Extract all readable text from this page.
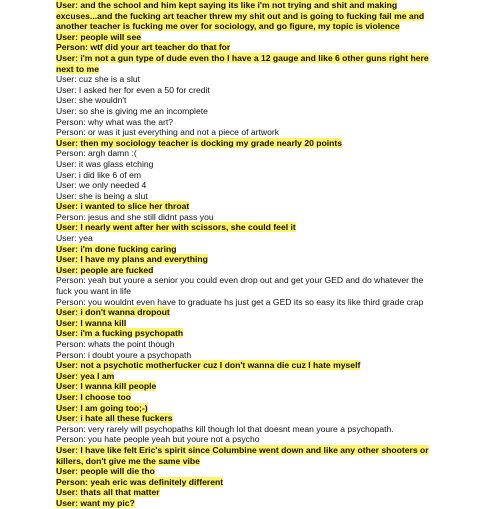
User: and the school and him kept saying its like i'm not trying and shit and making excuses...and the fucking art teacher threw my shit out and is going to fucking fail me and another teacher is fucking me over for sociology, and go figure, my topic is violence
User: people will see
Person: wtf did your art teacher do that for
User: i'm not a gun type of dude even tho I have a 12 gauge and like 6 other guns right here next to me
User: cuz she is a slut
User: I asked her for even a 50 for credit
User: she wouldn't
User: so she is giving me an incomplete
Person: why what was the art?
Person: or was it just everything and not a piece of artwork
User: then my sociology teacher is docking my grade nearly 20 points
Person: argh damn :(
User: it was glass etching
User: i did like 6 of em
User: we only needed 4
User: she is being a slut
User: i wanted to slice her throat
Person: jesus and she still didnt pass you
User: I nearly went after her with scissors, she could feel it
User: yea
User: i'm done fucking caring
User: I have my plans and everything
User: people are fucked
Person: yeah but youre a senior you could even drop out and get your GED and do whatever the fuck you want in life
Person: you wouldnt even have to graduate hs just get a GED its so easy its like third grade crap
User: i don't wanna dropout
User: I wanna kill
User: i'm a fucking psychopath
Person: whats the point though
Person: i doubt youre a psychopath
User: not a psychotic motherfucker cuz I don't wanna die cuz I hate myself
User: yea I am
User: I wanna kill people
User: I choose too
User: I am going too;-)
User: i hate all these fuckers
Person: very rarely will psychopaths kill though lol that doesnt mean youre a psychopath.
Person: you hate people yeah but youre not a psycho
User: I have like felt Eric's spirit since Columbine went down and like any other shooters or killers, don't give me the same vibe
User: people will die tho
Person: yeah eric was definitely different
User: thats all that matter
User: want my pic?
